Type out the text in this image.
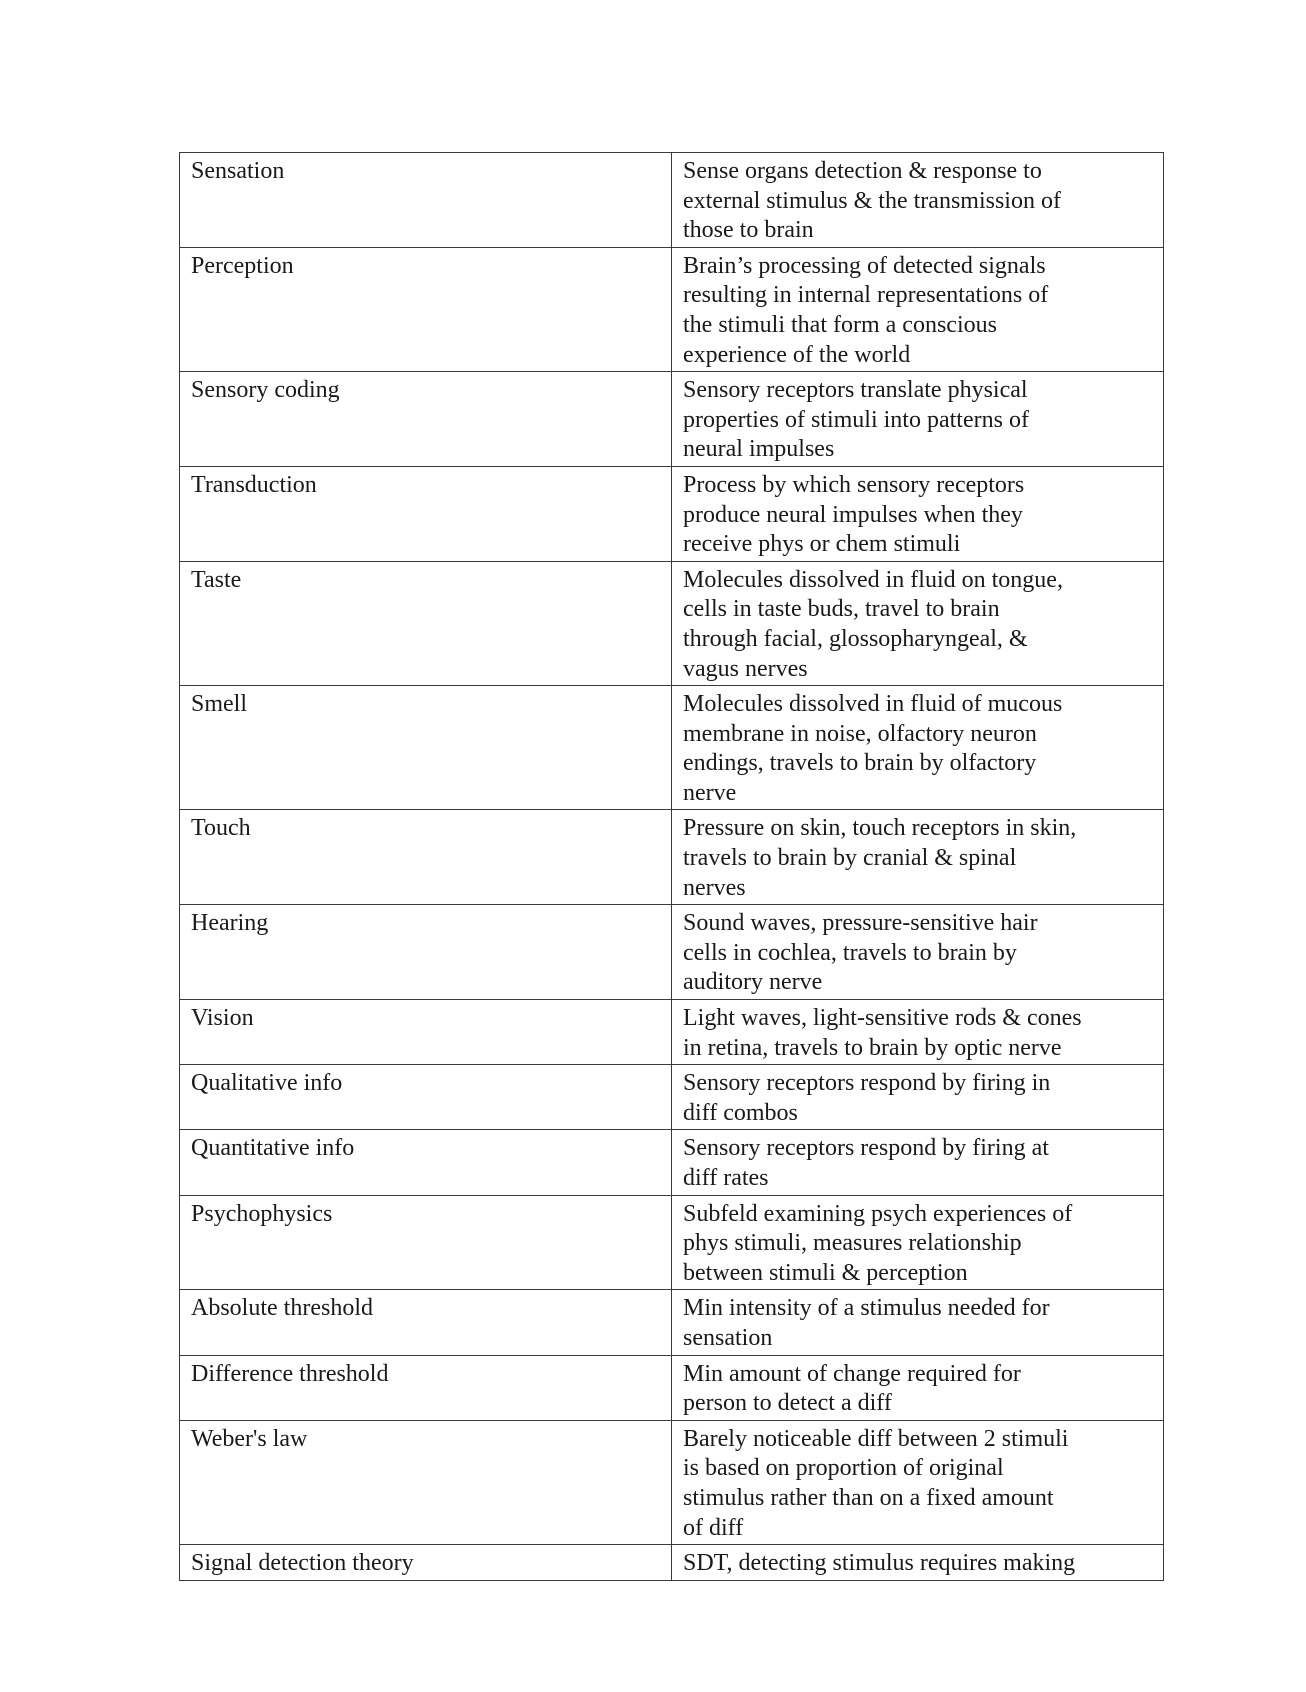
Sensation	Sense organs detection & response to
external stimulus & the transmission of
those to brain

Perception	Brain’s processing of detected signals
resulting in internal representations of
the stimuli that form a conscious
experience of the world

Sensory coding	Sensory receptors translate physical
properties of stimuli into patterns of
neural impulses

Transduction	Process by which sensory receptors
produce neural impulses when they
receive phys or chem stimuli

Taste	Molecules dissolved in fluid on tongue,
cells in taste buds, travel to brain
through facial, glossopharyngeal, &
vagus nerves

Smell	Molecules dissolved in fluid of mucous
membrane in noise, olfactory neuron
endings, travels to brain by olfactory
nerve

Touch	Pressure on skin, touch receptors in skin,
travels to brain by cranial & spinal
nerves

Hearing	Sound waves, pressure-sensitive hair
cells in cochlea, travels to brain by
auditory nerve

Vision	Light waves, light-sensitive rods & cones
in retina, travels to brain by optic nerve

Qualitative info	Sensory receptors respond by firing in
diff combos

Quantitative info	Sensory receptors respond by firing at
diff rates

Psychophysics	Subfeld examining psych experiences of
phys stimuli, measures relationship
between stimuli & perception

Absolute threshold	Min intensity of a stimulus needed for
sensation

Difference threshold	Min amount of change required for
person to detect a diff

Weber's law	Barely noticeable diff between 2 stimuli
is based on proportion of original
stimulus rather than on a fixed amount
of diff

Signal detection theory	SDT, detecting stimulus requires making
